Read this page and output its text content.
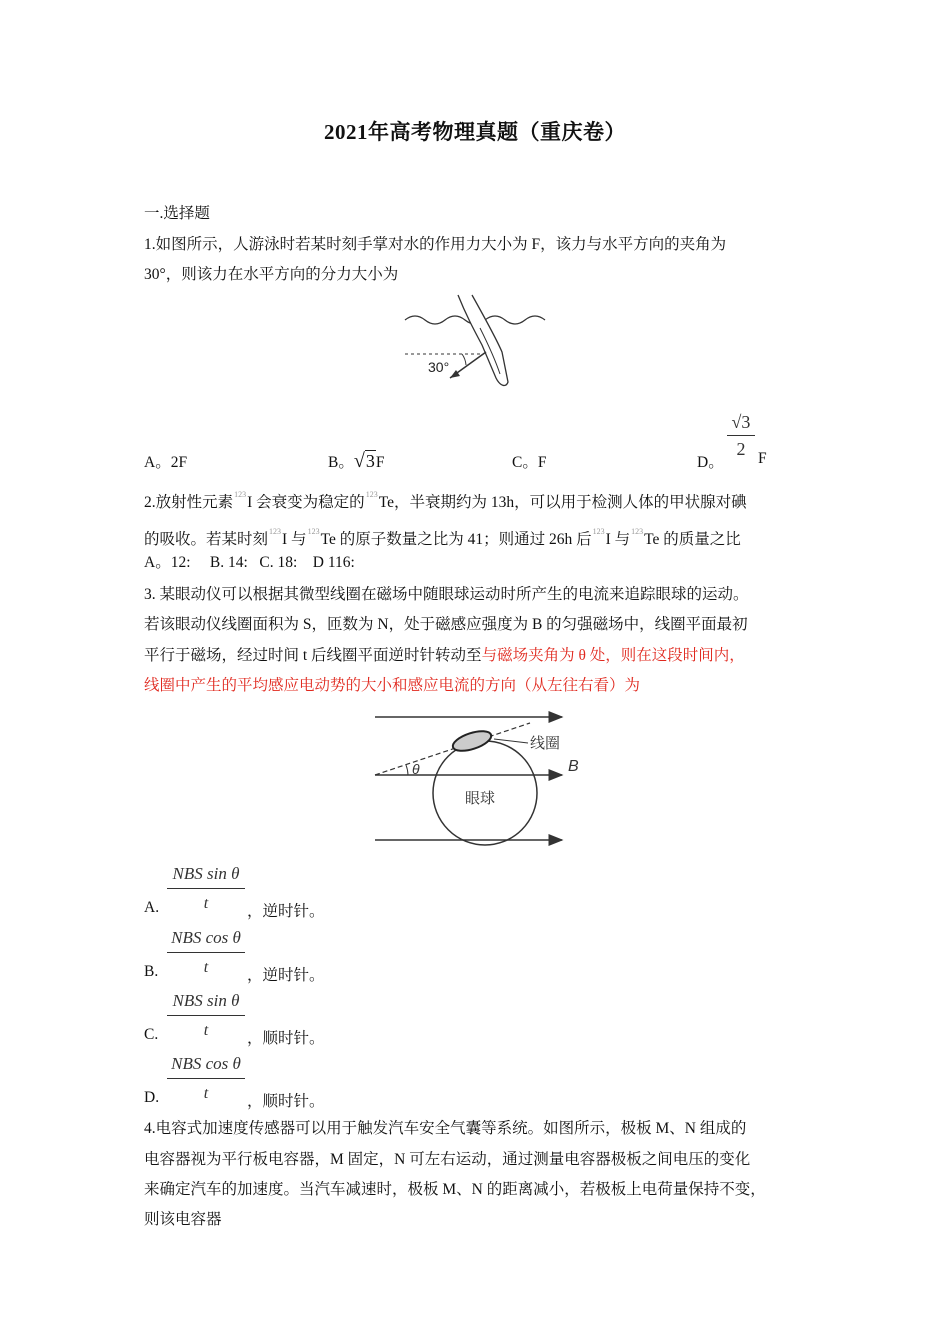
2021年高考物理真题（重庆卷）
一.选择题
1.如图所示，人游泳时若某时刻手掌对水的作用力大小为 F，该力与水平方向的夹角为
30°，则该力在水平方向的分力大小为
30°
A。2F	B。√3F	C。F	D。
√3
2 F
2.放射性元素$^{123}$I 会衰变为稳定的$^{123}$Te，半衰期约为 13h，可以用于检测人体的甲状腺对碘
的吸收。若某时刻$^{123}$I 与$^{123}$Te 的原子数量之比为 41；则通过 26h 后$^{123}$I 与$^{123}$Te 的质量之比
A。12:     B. 14:   C. 18:    D 116:
3. 某眼动仪可以根据其微型线圈在磁场中随眼球运动时所产生的电流来追踪眼球的运动。
若该眼动仪线圈面积为 S，匝数为 N，处于磁感应强度为 B 的匀强磁场中，线圈平面最初
平行于磁场，经过时间 t 后线圈平面逆时针转动至与磁场夹角为 θ 处，则在这段时间内，
线圈中产生的平均感应电动势的大小和感应电流的方向（从左往右看）为
线圈
B
θ
眼球
NBS sin θ
t
A.	，逆时针。
NBS cos θ
t
B.	，逆时针。
NBS sin θ
t
C.	，顺时针。
NBS cos θ
t
D.	，顺时针。
4.电容式加速度传感器可以用于触发汽车安全气囊等系统。如图所示，极板 M、N 组成的
电容器视为平行板电容器，M 固定，N 可左右运动，通过测量电容器极板之间电压的变化
来确定汽车的加速度。当汽车减速时，极板 M、N 的距离减小，若极板上电荷量保持不变，
则该电容器
